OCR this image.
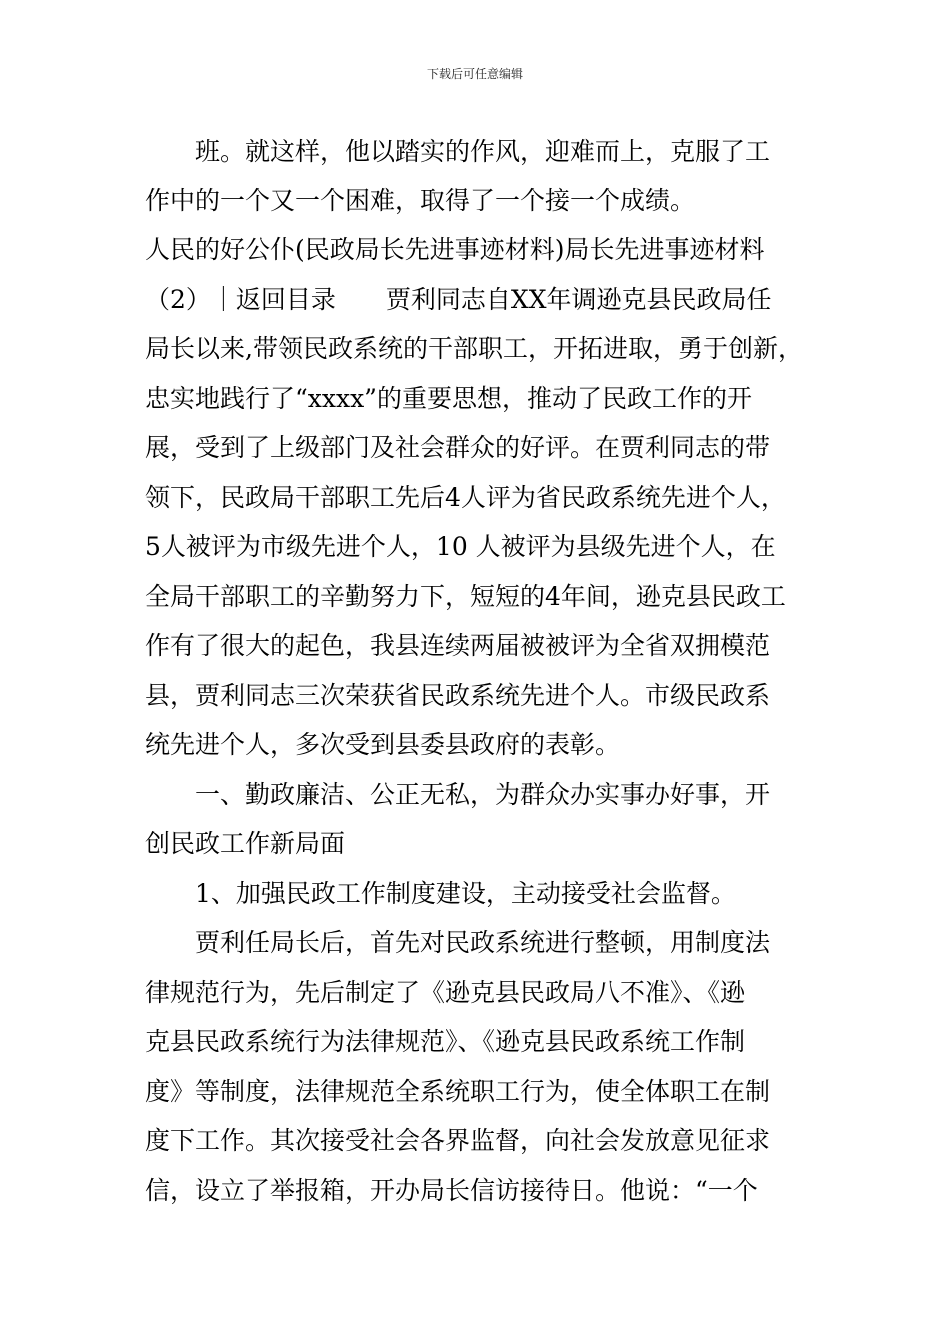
下载后可任意编辑
班。就这样，他以踏实的作风，迎难而上，克服了工
作中的一个又一个困难，取得了一个接一个成绩。
人民的好公仆(民政局长先进事迹材料)局长先进事迹材料
（2）｜返回目录　　贾利同志自XX年调逊克县民政局任
局长以来,带领民政系统的干部职工，开拓进取，勇于创新，
忠实地践行了“xxxx”的重要思想，推动了民政工作的开
展，受到了上级部门及社会群众的好评。在贾利同志的带
领下，民政局干部职工先后4人评为省民政系统先进个人，
5人被评为市级先进个人，10 人被评为县级先进个人，在
全局干部职工的辛勤努力下，短短的4年间，逊克县民政工
作有了很大的起色，我县连续两届被被评为全省双拥模范
县，贾利同志三次荣获省民政系统先进个人。市级民政系
统先进个人，多次受到县委县政府的表彰。
一、勤政廉洁、公正无私，为群众办实事办好事，开
创民政工作新局面
1、加强民政工作制度建设，主动接受社会监督。
贾利任局长后，首先对民政系统进行整顿，用制度法
律规范行为，先后制定了《逊克县民政局八不准》、《逊
克县民政系统行为法律规范》、《逊克县民政系统工作制
度》等制度，法律规范全系统职工行为，使全体职工在制
度下工作。其次接受社会各界监督，向社会发放意见征求
信，设立了举报箱，开办局长信访接待日。他说：“一个
